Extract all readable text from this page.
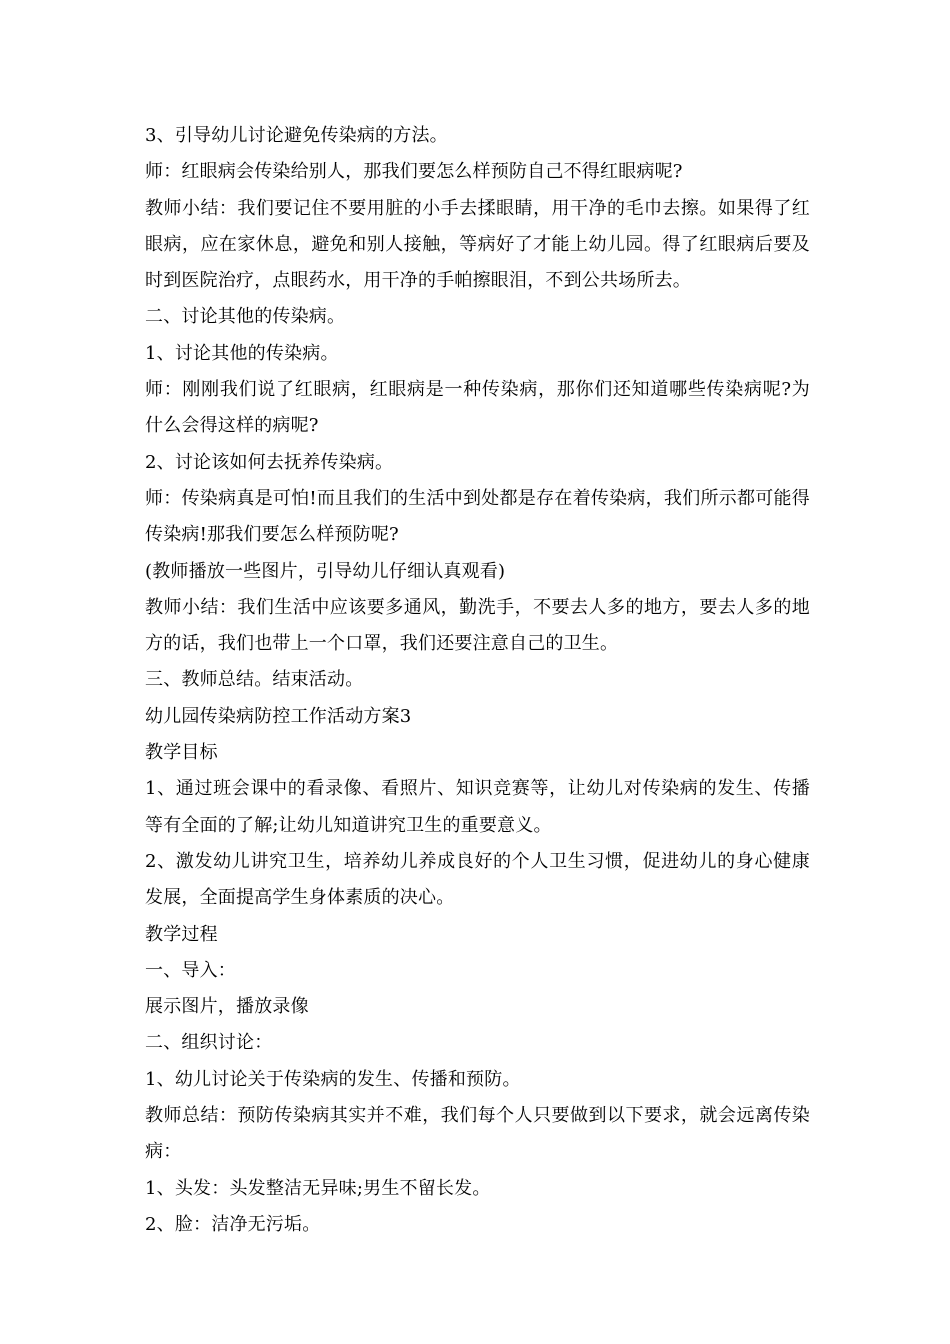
3、引导幼儿讨论避免传染病的方法。

师：红眼病会传染给别人，那我们要怎么样预防自己不得红眼病呢?

教师小结：我们要记住不要用脏的小手去揉眼睛，用干净的毛巾去擦。如果得了红眼病，应在家休息，避免和别人接触，等病好了才能上幼儿园。得了红眼病后要及时到医院治疗，点眼药水，用干净的手帕擦眼泪，不到公共场所去。

二、讨论其他的传染病。

1、讨论其他的传染病。

师：刚刚我们说了红眼病，红眼病是一种传染病，那你们还知道哪些传染病呢?为什么会得这样的病呢?

2、讨论该如何去抚养传染病。

师：传染病真是可怕!而且我们的生活中到处都是存在着传染病，我们所示都可能得传染病!那我们要怎么样预防呢?

(教师播放一些图片，引导幼儿仔细认真观看)

教师小结：我们生活中应该要多通风，勤洗手，不要去人多的地方，要去人多的地方的话，我们也带上一个口罩，我们还要注意自己的卫生。

三、教师总结。结束活动。

幼儿园传染病防控工作活动方案3

教学目标

1、通过班会课中的看录像、看照片、知识竞赛等，让幼儿对传染病的发生、传播等有全面的了解;让幼儿知道讲究卫生的重要意义。

2、激发幼儿讲究卫生，培养幼儿养成良好的个人卫生习惯，促进幼儿的身心健康发展，全面提高学生身体素质的决心。

教学过程

一、导入：

展示图片，播放录像

二、组织讨论：

1、幼儿讨论关于传染病的发生、传播和预防。

教师总结：预防传染病其实并不难，我们每个人只要做到以下要求，就会远离传染病：

1、头发：头发整洁无异味;男生不留长发。

2、脸：洁净无污垢。
